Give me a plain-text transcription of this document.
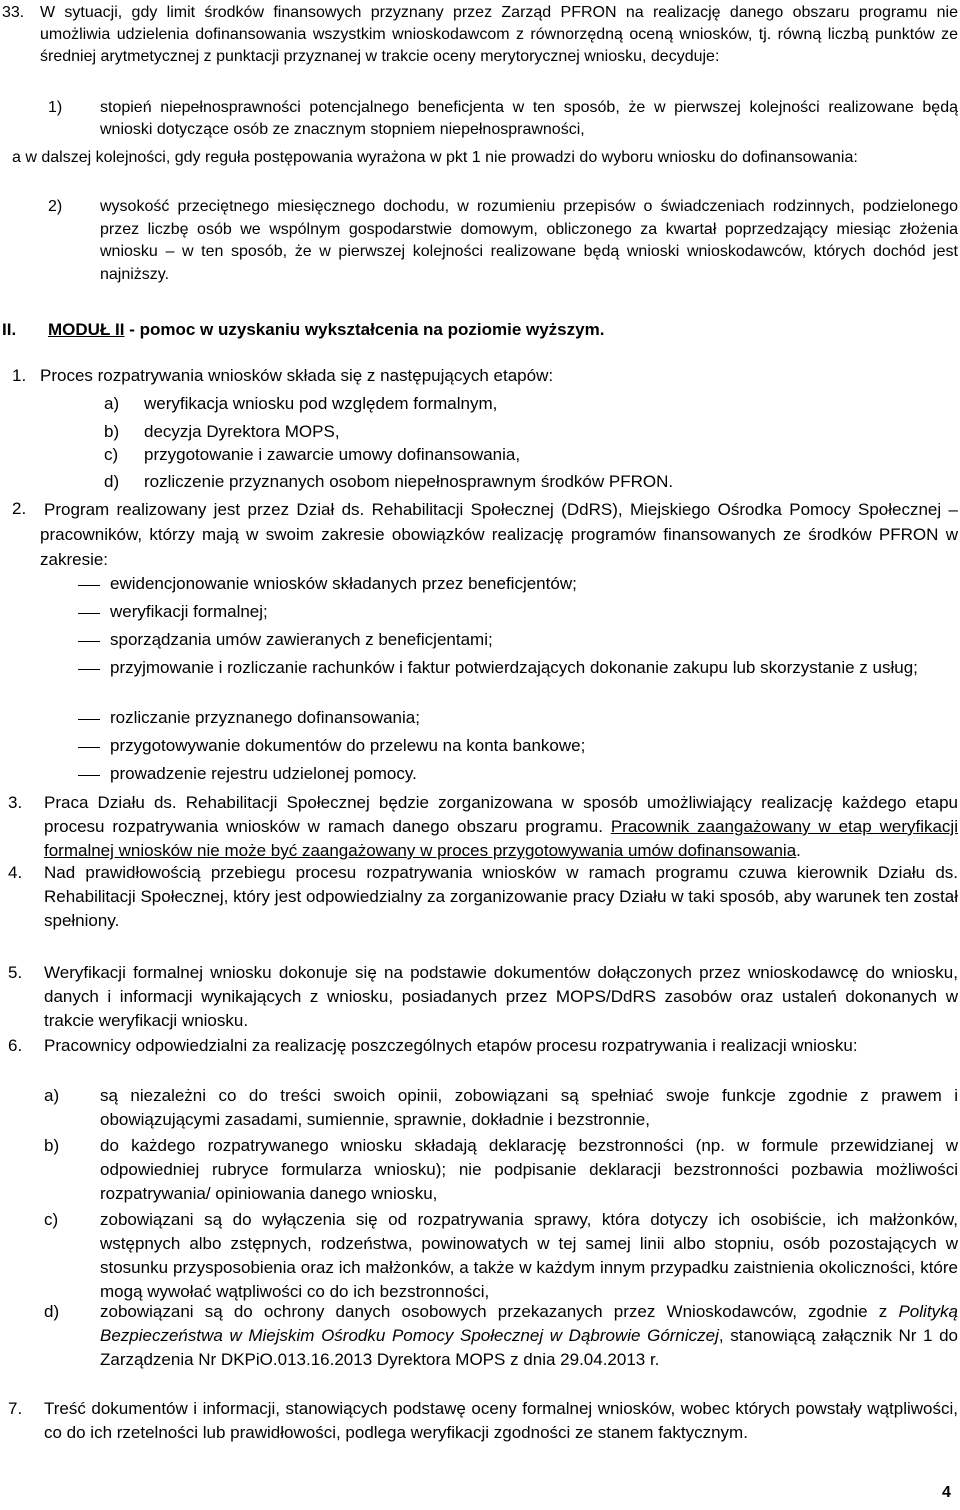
33. W sytuacji, gdy limit środków finansowych przyznany przez Zarząd PFRON na realizację danego obszaru programu nie umożliwia udzielenia dofinansowania wszystkim wnioskodawcom z równorzędną oceną wniosków, tj. równą liczbą punktów ze średniej arytmetycznej z punktacji przyznanej w trakcie oceny merytorycznej wniosku, decyduje:

1) stopień niepełnosprawności potencjalnego beneficjenta w ten sposób, że w pierwszej kolejności realizowane będą wnioski dotyczące osób ze znacznym stopniem niepełnosprawności,

a w dalszej kolejności, gdy reguła postępowania wyrażona w pkt 1 nie prowadzi do wyboru wniosku do dofinansowania:

2) wysokość przeciętnego miesięcznego dochodu, w rozumieniu przepisów o świadczeniach rodzinnych, podzielonego przez liczbę osób we wspólnym gospodarstwie domowym, obliczonego za kwartał poprzedzający miesiąc złożenia wniosku – w ten sposób, że w pierwszej kolejności realizowane będą wnioski wnioskodawców, których dochód jest najniższy.

II. MODUŁ II - pomoc w uzyskaniu wykształcenia na poziomie wyższym.
1. Proces rozpatrywania wniosków składa się z następujących etapów:

a) weryfikacja wniosku pod względem formalnym,

b) decyzja Dyrektora MOPS,

c) przygotowanie i zawarcie umowy dofinansowania,

d) rozliczenie przyznanych osobom niepełnosprawnym środków PFRON.

2. Program realizowany jest przez Dział ds. Rehabilitacji Społecznej (DdRS), Miejskiego Ośrodka Pomocy Społecznej – pracowników, którzy mają w swoim zakresie obowiązków realizację programów finansowanych ze środków PFRON w zakresie:

ewidencjonowanie wniosków składanych przez beneficjentów;

weryfikacji formalnej;

sporządzania umów zawieranych z beneficjentami;

przyjmowanie i rozliczanie rachunków i faktur potwierdzających dokonanie zakupu lub skorzystanie z usług;

rozliczanie przyznanego dofinansowania;

przygotowywanie dokumentów do przelewu na konta bankowe;

prowadzenie rejestru udzielonej pomocy.

3. Praca Działu ds. Rehabilitacji Społecznej będzie zorganizowana w sposób umożliwiający realizację każdego etapu procesu rozpatrywania wniosków w ramach danego obszaru programu. Pracownik zaangażowany w etap weryfikacji formalnej wniosków nie może być zaangażowany w proces przygotowywania umów dofinansowania.

4. Nad prawidłowością przebiegu procesu rozpatrywania wniosków w ramach programu czuwa kierownik Działu ds. Rehabilitacji Społecznej, który jest odpowiedzialny za zorganizowanie pracy Działu w taki sposób, aby warunek ten został spełniony.

5. Weryfikacji formalnej wniosku dokonuje się na podstawie dokumentów dołączonych przez wnioskodawcę do wniosku, danych i informacji wynikających z wniosku, posiadanych przez MOPS/DdRS zasobów oraz ustaleń dokonanych w trakcie weryfikacji wniosku.

6. Pracownicy odpowiedzialni za realizację poszczególnych etapów procesu rozpatrywania i realizacji wniosku:

a) są niezależni co do treści swoich opinii, zobowiązani są spełniać swoje funkcje zgodnie z prawem i obowiązującymi zasadami, sumiennie, sprawnie, dokładnie i bezstronnie,

b) do każdego rozpatrywanego wniosku składają deklarację bezstronności (np. w formule przewidzianej w odpowiedniej rubryce formularza wniosku); nie podpisanie deklaracji bezstronności pozbawia możliwości rozpatrywania/ opiniowania danego wniosku,

c) zobowiązani są do wyłączenia się od rozpatrywania sprawy, która dotyczy ich osobiście, ich małżonków, wstępnych albo zstępnych, rodzeństwa, powinowatych w tej samej linii albo stopniu, osób pozostających w stosunku przysposobienia oraz ich małżonków, a także w każdym innym przypadku zaistnienia okoliczności, które mogą wywołać wątpliwości co do ich bezstronności,

d) zobowiązani są do ochrony danych osobowych przekazanych przez Wnioskodawców, zgodnie z Polityką Bezpieczeństwa w Miejskim Ośrodku Pomocy Społecznej w Dąbrowie Górniczej, stanowiącą załącznik Nr 1 do Zarządzenia Nr DKPiO.013.16.2013 Dyrektora MOPS z dnia 29.04.2013 r.

7. Treść dokumentów i informacji, stanowiących podstawę oceny formalnej wniosków, wobec których powstały wątpliwości, co do ich rzetelności lub prawidłowości, podlega weryfikacji zgodności ze stanem faktycznym.

4
